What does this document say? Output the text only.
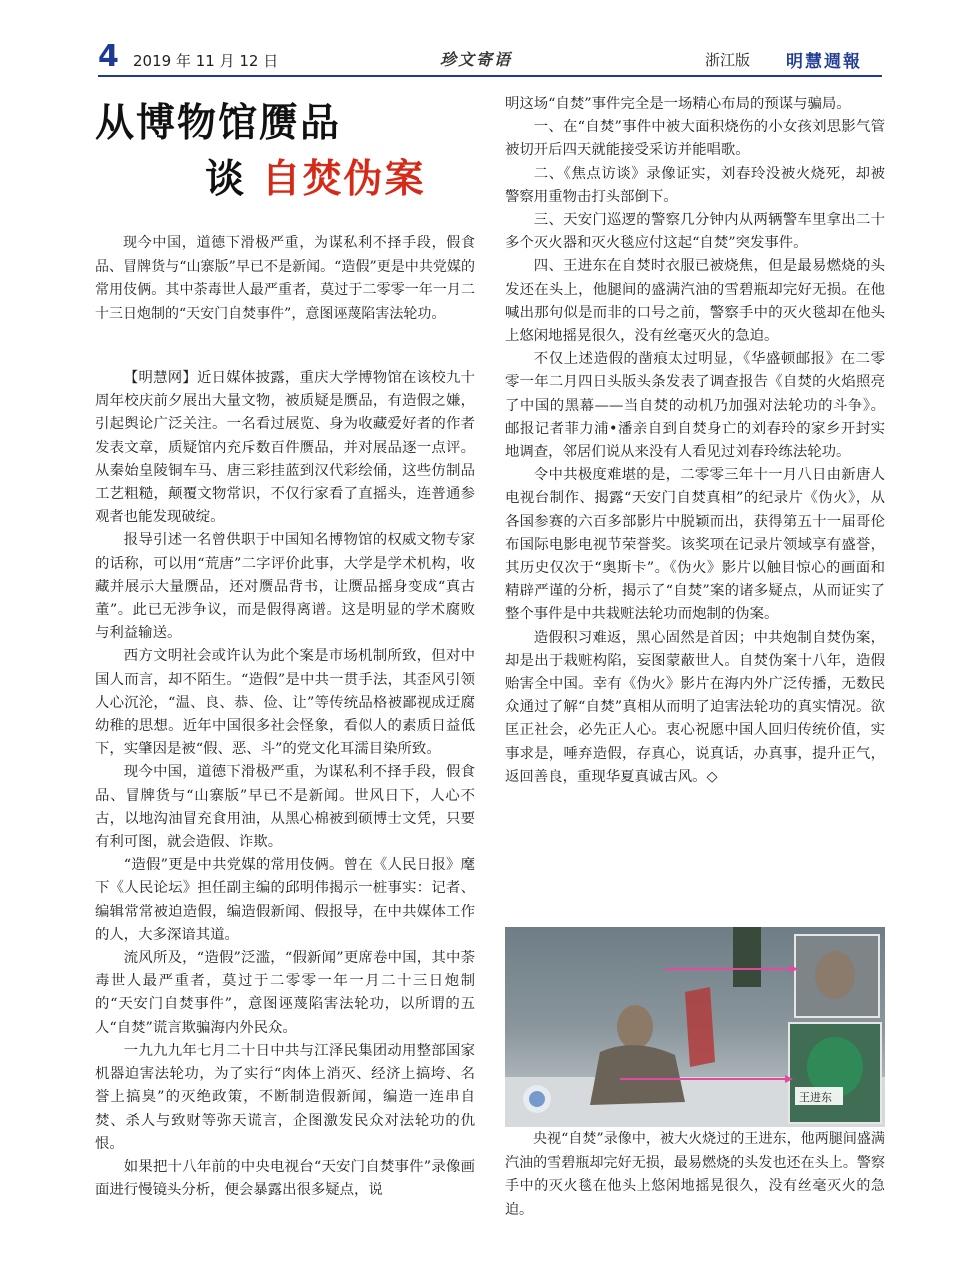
4 2019 年 11 月 12 日	珍文寄语	浙江版 明慧週報
从博物馆赝品
谈 自焚伪案

现今中国，道德下滑极严重，为谋私利不择手段，假食品、冒牌货与“山寨版”早已不是新闻。“造假”更是中共党媒的常用伎俩。其中荼毒世人最严重者，莫过于二零零一年一月二十三日炮制的“天安门自焚事件”，意图诬蔑陷害法轮功。

【明慧网】近日媒体披露，重庆大学博物馆在该校九十周年校庆前夕展出大量文物，被质疑是赝品，有造假之嫌，引起舆论广泛关注。一名看过展览、身为收藏爱好者的作者发表文章，质疑馆内充斥数百件赝品，并对展品逐一点评。从秦始皇陵铜车马、唐三彩挂蓝到汉代彩绘俑，这些仿制品工艺粗糙，颠覆文物常识，不仅行家看了直摇头，连普通参观者也能发现破绽。

报导引述一名曾供职于中国知名博物馆的权威文物专家的话称，可以用“荒唐”二字评价此事，大学是学术机构，收藏并展示大量赝品，还对赝品背书，让赝品摇身变成“真古董”。此已无涉争议，而是假得离谱。这是明显的学术腐败与利益输送。

西方文明社会或许认为此个案是市场机制所致，但对中国人而言，却不陌生。“造假”是中共一贯手法，其歪风引领人心沉沦，“温、良、恭、俭、让”等传统品格被鄙视成迂腐幼稚的思想。近年中国很多社会怪象，看似人的素质日益低下，实肇因是被“假、恶、斗”的党文化耳濡目染所致。

现今中国，道德下滑极严重，为谋私利不择手段，假食品、冒牌货与“山寨版”早已不是新闻。世风日下，人心不古，以地沟油冒充食用油，从黑心棉被到硕博士文凭，只要有利可图，就会造假、诈欺。

“造假”更是中共党媒的常用伎俩。曾在《人民日报》麾下《人民论坛》担任副主编的邱明伟揭示一桩事实：记者、编辑常常被迫造假，编造假新闻、假报导，在中共媒体工作的人，大多深谙其道。

流风所及，“造假”泛滥，“假新闻”更席卷中国，其中荼毒世人最严重者，莫过于二零零一年一月二十三日炮制的“天安门自焚事件”，意图诬蔑陷害法轮功，以所谓的五人“自焚”谎言欺骗海内外民众。

一九九九年七月二十日中共与江泽民集团动用整部国家机器迫害法轮功，为了实行“肉体上消灭、经济上搞垮、名誉上搞臭”的灭绝政策，不断制造假新闻，编造一连串自焚、杀人与致财等弥天谎言，企图激发民众对法轮功的仇恨。

如果把十八年前的中央电视台“天安门自焚事件”录像画面进行慢镜头分析，便会暴露出很多疑点，说

明这场“自焚”事件完全是一场精心布局的预谋与骗局。

一、在“自焚”事件中被大面积烧伤的小女孩刘思影气管被切开后四天就能接受采访并能唱歌。

二、《焦点访谈》录像证实，刘春玲没被火烧死，却被警察用重物击打头部倒下。

三、天安门巡逻的警察几分钟内从两辆警车里拿出二十多个灭火器和灭火毯应付这起“自焚”突发事件。

四、王进东在自焚时衣服已被烧焦，但是最易燃烧的头发还在头上，他腿间的盛满汽油的雪碧瓶却完好无损。在他喊出那句似是而非的口号之前，警察手中的灭火毯却在他头上悠闲地摇晃很久，没有丝毫灭火的急迫。

不仅上述造假的凿痕太过明显，《华盛顿邮报》在二零零一年二月四日头版头条发表了调查报告《自焚的火焰照亮了中国的黑幕——当自焚的动机乃加强对法轮功的斗争》。邮报记者菲力浦•潘亲自到自焚身亡的刘春玲的家乡开封实地调查，邻居们说从来没有人看见过刘春玲练法轮功。

令中共极度难堪的是，二零零三年十一月八日由新唐人电视台制作、揭露“天安门自焚真相”的纪录片《伪火》，从各国参赛的六百多部影片中脱颖而出，获得第五十一届哥伦布国际电影电视节荣誉奖。该奖项在记录片领域享有盛誉，其历史仅次于“奥斯卡”。《伪火》影片以触目惊心的画面和精辟严谨的分析，揭示了“自焚”案的诸多疑点，从而证实了整个事件是中共栽赃法轮功而炮制的伪案。

造假积习难返，黑心固然是首因；中共炮制自焚伪案，却是出于栽赃构陷，妄图蒙蔽世人。自焚伪案十八年，造假贻害全中国。幸有《伪火》影片在海内外广泛传播，无数民众通过了解“自焚”真相从而明了迫害法轮功的真实情况。欲匡正社会，必先正人心。衷心祝愿中国人回归传统价值，实事求是，唾弃造假，存真心，说真话，办真事，提升正气，返回善良，重现华夏真诚古风。◇

王进东
央视“自焚”录像中，被大火烧过的王进东，他两腿间盛满汽油的雪碧瓶却完好无损，最易燃烧的头发也还在头上。警察手中的灭火毯在他头上悠闲地摇晃很久，没有丝毫灭火的急迫。
